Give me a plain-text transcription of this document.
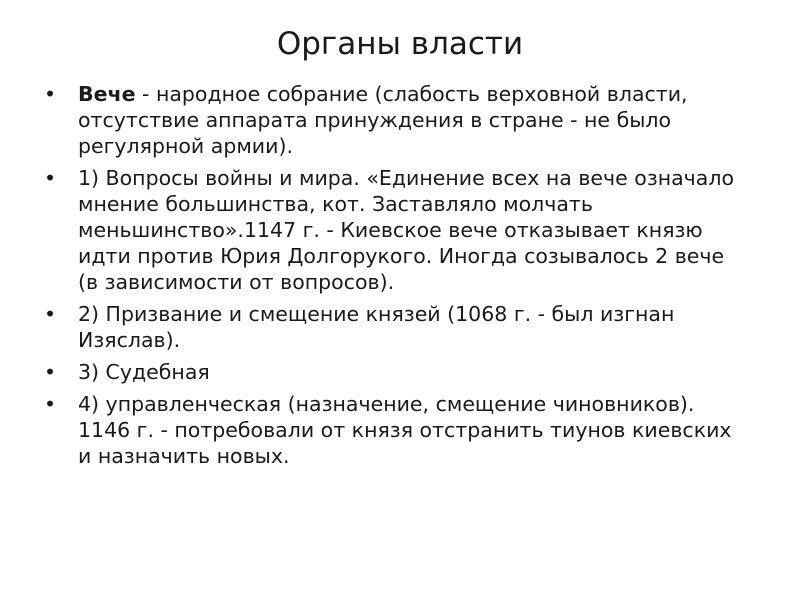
Органы власти
•	Вече - народное собрание (слабость верховной власти, отсутствие аппарата принуждения в стране - не было регулярной армии).
•	1) Вопросы войны и мира. «Единение всех на вече означало мнение большинства, кот. Заставляло молчать меньшинство».1147 г. - Киевское вече отказывает князю идти против Юрия Долгорукого. Иногда созывалось 2 вече (в зависимости от вопросов).
•	2) Призвание и смещение князей (1068 г. - был изгнан Изяслав).
•	3) Судебная
•	4) управленческая (назначение, смещение чиновников). 1146 г. - потребовали от князя отстранить тиунов киевских и назначить новых.
